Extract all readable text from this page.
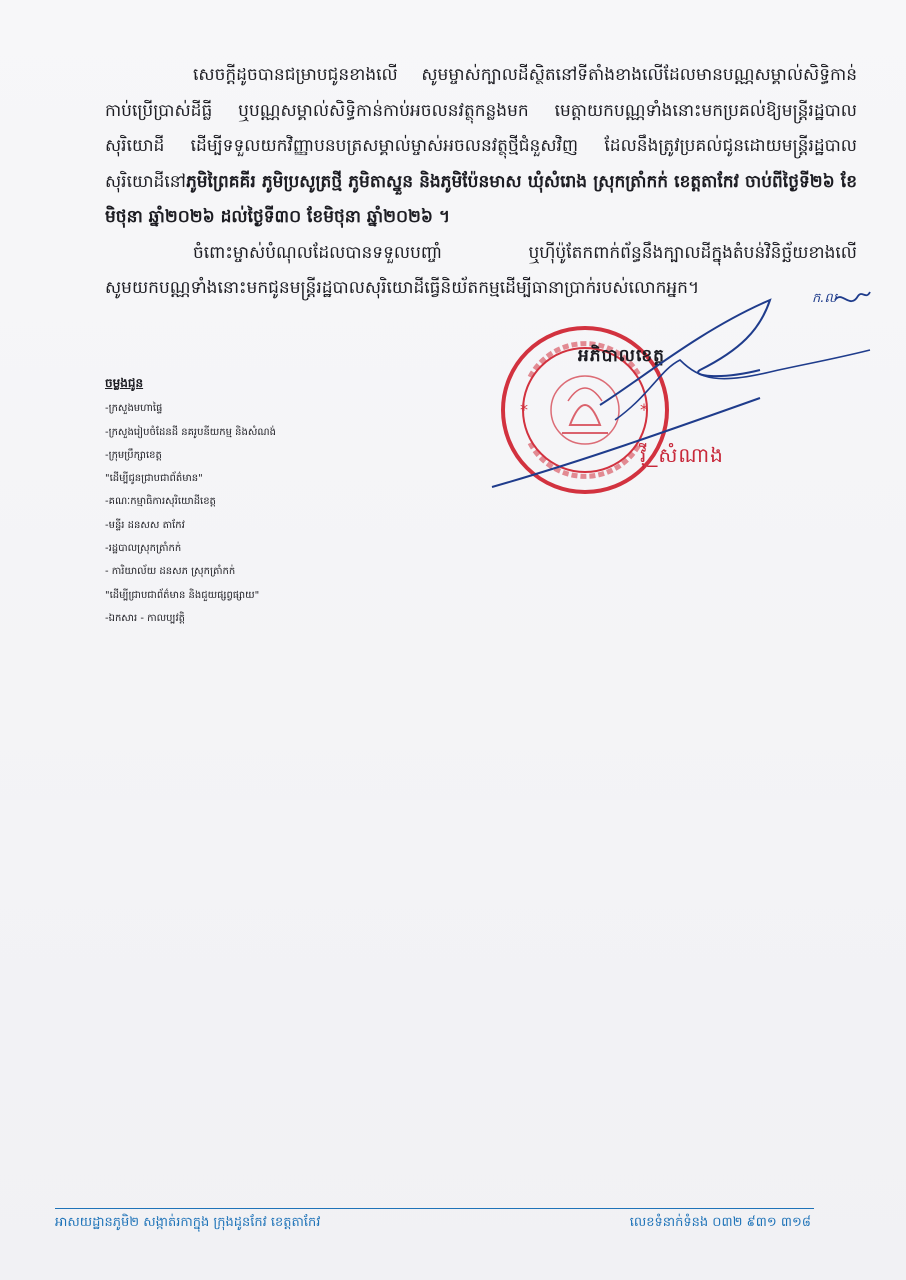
សេចក្ដីដូចបានជម្រាបជូនខាងលើ សូមម្ចាស់ក្បាលដីស្ថិតនៅទីតាំងខាងលើដែលមានបណ្ណសម្គាល់សិទ្ធិកាន់កាប់ប្រើប្រាស់ដីធ្លី ឬបណ្ណសម្គាល់សិទ្ធិកាន់កាប់អចលនវត្ថុកន្លងមក មេត្តាយកបណ្ណទាំងនោះមកប្រគល់ឱ្យមន្ត្រីរដ្ឋបាលសុរិយោដី ដើម្បីទទួលយកវិញ្ញាបនបត្រសម្គាល់ម្ចាស់អចលនវត្ថុថ្មីជំនួសវិញ ដែលនឹងត្រូវប្រគល់ជូនដោយមន្ត្រីរដ្ឋបាលសុរិយោដីនៅភូមិព្រៃគគីរ ភូមិប្រសូត្រថ្មី ភូមិតាស្នួន និងភូមិប៉ែនមាស ឃុំសំរោង ស្រុកត្រាំកក់ ខេត្តតាកែវ ចាប់ពីថ្ងៃទី២៦ ខែមិថុនា ឆ្នាំ២០២៦ ដល់ថ្ងៃទី៣០ ខែមិថុនា ឆ្នាំ២០២៦ ។

ចំពោះម្ចាស់បំណុលដែលបានទទួលបញ្ចាំ ឬហ៊ីប៉ូតែកពាក់ព័ន្ធនឹងក្បាលដីក្នុងតំបន់វិនិច្ឆ័យខាងលើសូមយកបណ្ណទាំងនោះមកជូនមន្ត្រីរដ្ឋបាលសុរិយោដីធ្វើនិយ័តកម្មដើម្បីធានាប្រាក់របស់លោកអ្នក។

ក.ល
*	*
អភិបាលខេត្ត
វ៉ី_សំណាង
ចម្លងជូន
-ក្រសួងមហាផ្ទៃ
-ក្រសួងរៀបចំដែនដី នគរូបនីយកម្ម និងសំណង់
-ក្រុមប្រឹក្សាខេត្ត
"ដើម្បីជូនជ្រាបជាព័ត៌មាន"
-គណៈកម្មាធិការសុរិយោដីខេត្ត
-មន្ទីរ ដនសស តាកែវ
-រដ្ឋបាលស្រុកត្រាំកក់
- ការិយាល័យ ដនសភ ស្រុកត្រាំកក់
"ដើម្បីជ្រាបជាព័ត៌មាន និងជួយផ្សព្វផ្សាយ"
-ឯកសារ - កាលប្បវត្តិ
អាសយដ្ឋានភូមិ២ សង្កាត់រកាក្នុង ក្រុងដូនកែវ ខេត្តតាកែវ	លេខទំនាក់ទំនង ០៣២ ៩៣១ ៣១៨
